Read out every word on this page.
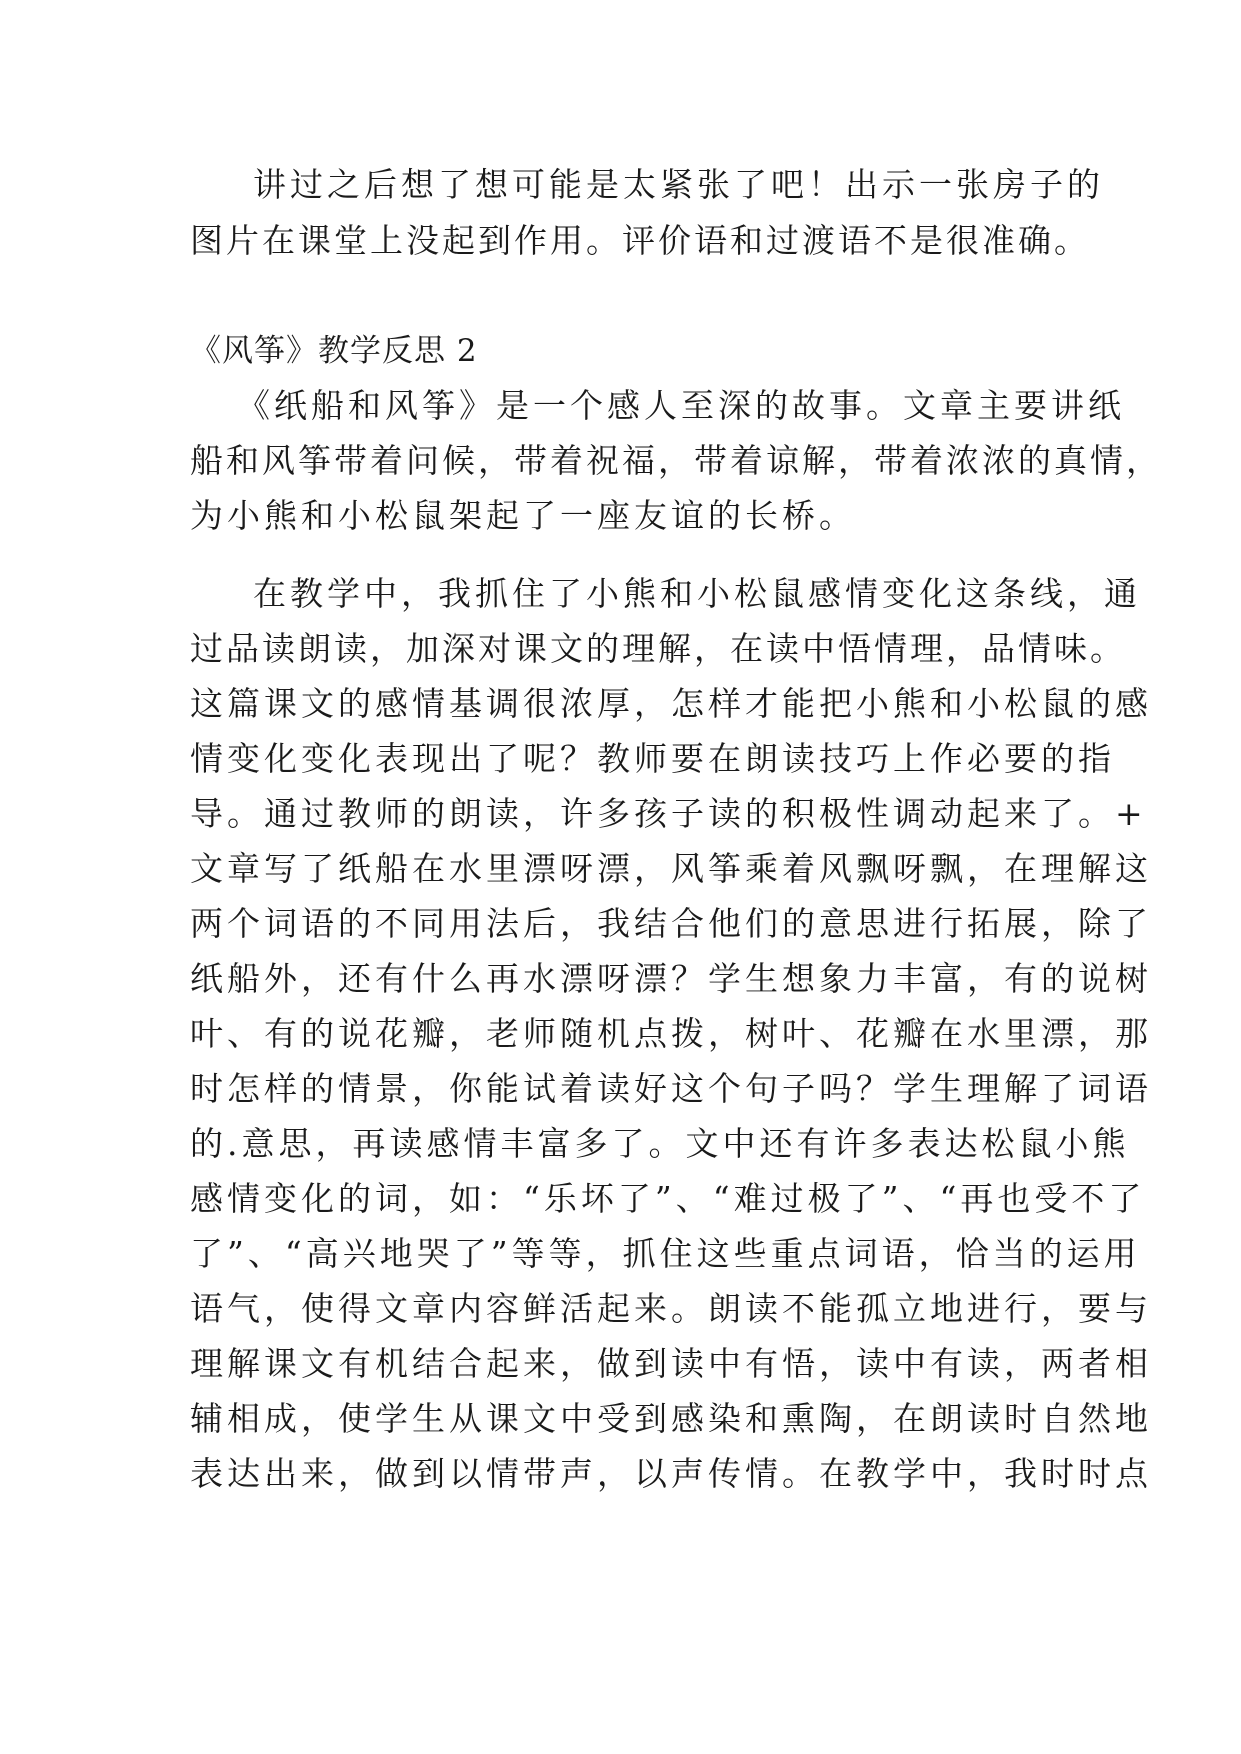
讲过之后想了想可能是太紧张了吧！出示一张房子的
图片在课堂上没起到作用。评价语和过渡语不是很准确。
《风筝》教学反思 2
《纸船和风筝》是一个感人至深的故事。文章主要讲纸
船和风筝带着问候，带着祝福，带着谅解，带着浓浓的真情，
为小熊和小松鼠架起了一座友谊的长桥。
在教学中，我抓住了小熊和小松鼠感情变化这条线，通
过品读朗读，加深对课文的理解，在读中悟情理，品情味。
这篇课文的感情基调很浓厚，怎样才能把小熊和小松鼠的感
情变化变化表现出了呢？教师要在朗读技巧上作必要的指
导。通过教师的朗读，许多孩子读的积极性调动起来了。+
文章写了纸船在水里漂呀漂，风筝乘着风飘呀飘，在理解这
两个词语的不同用法后，我结合他们的意思进行拓展，除了
纸船外，还有什么再水漂呀漂？学生想象力丰富，有的说树
叶、有的说花瓣，老师随机点拨，树叶、花瓣在水里漂，那
时怎样的情景，你能试着读好这个句子吗？学生理解了词语
的.意思，再读感情丰富多了。文中还有许多表达松鼠小熊
感情变化的词，如：“乐坏了”、“难过极了”、“再也受不了
了”、“高兴地哭了”等等，抓住这些重点词语，恰当的运用
语气，使得文章内容鲜活起来。朗读不能孤立地进行，要与
理解课文有机结合起来，做到读中有悟，读中有读，两者相
辅相成，使学生从课文中受到感染和熏陶，在朗读时自然地
表达出来，做到以情带声，以声传情。在教学中，我时时点
